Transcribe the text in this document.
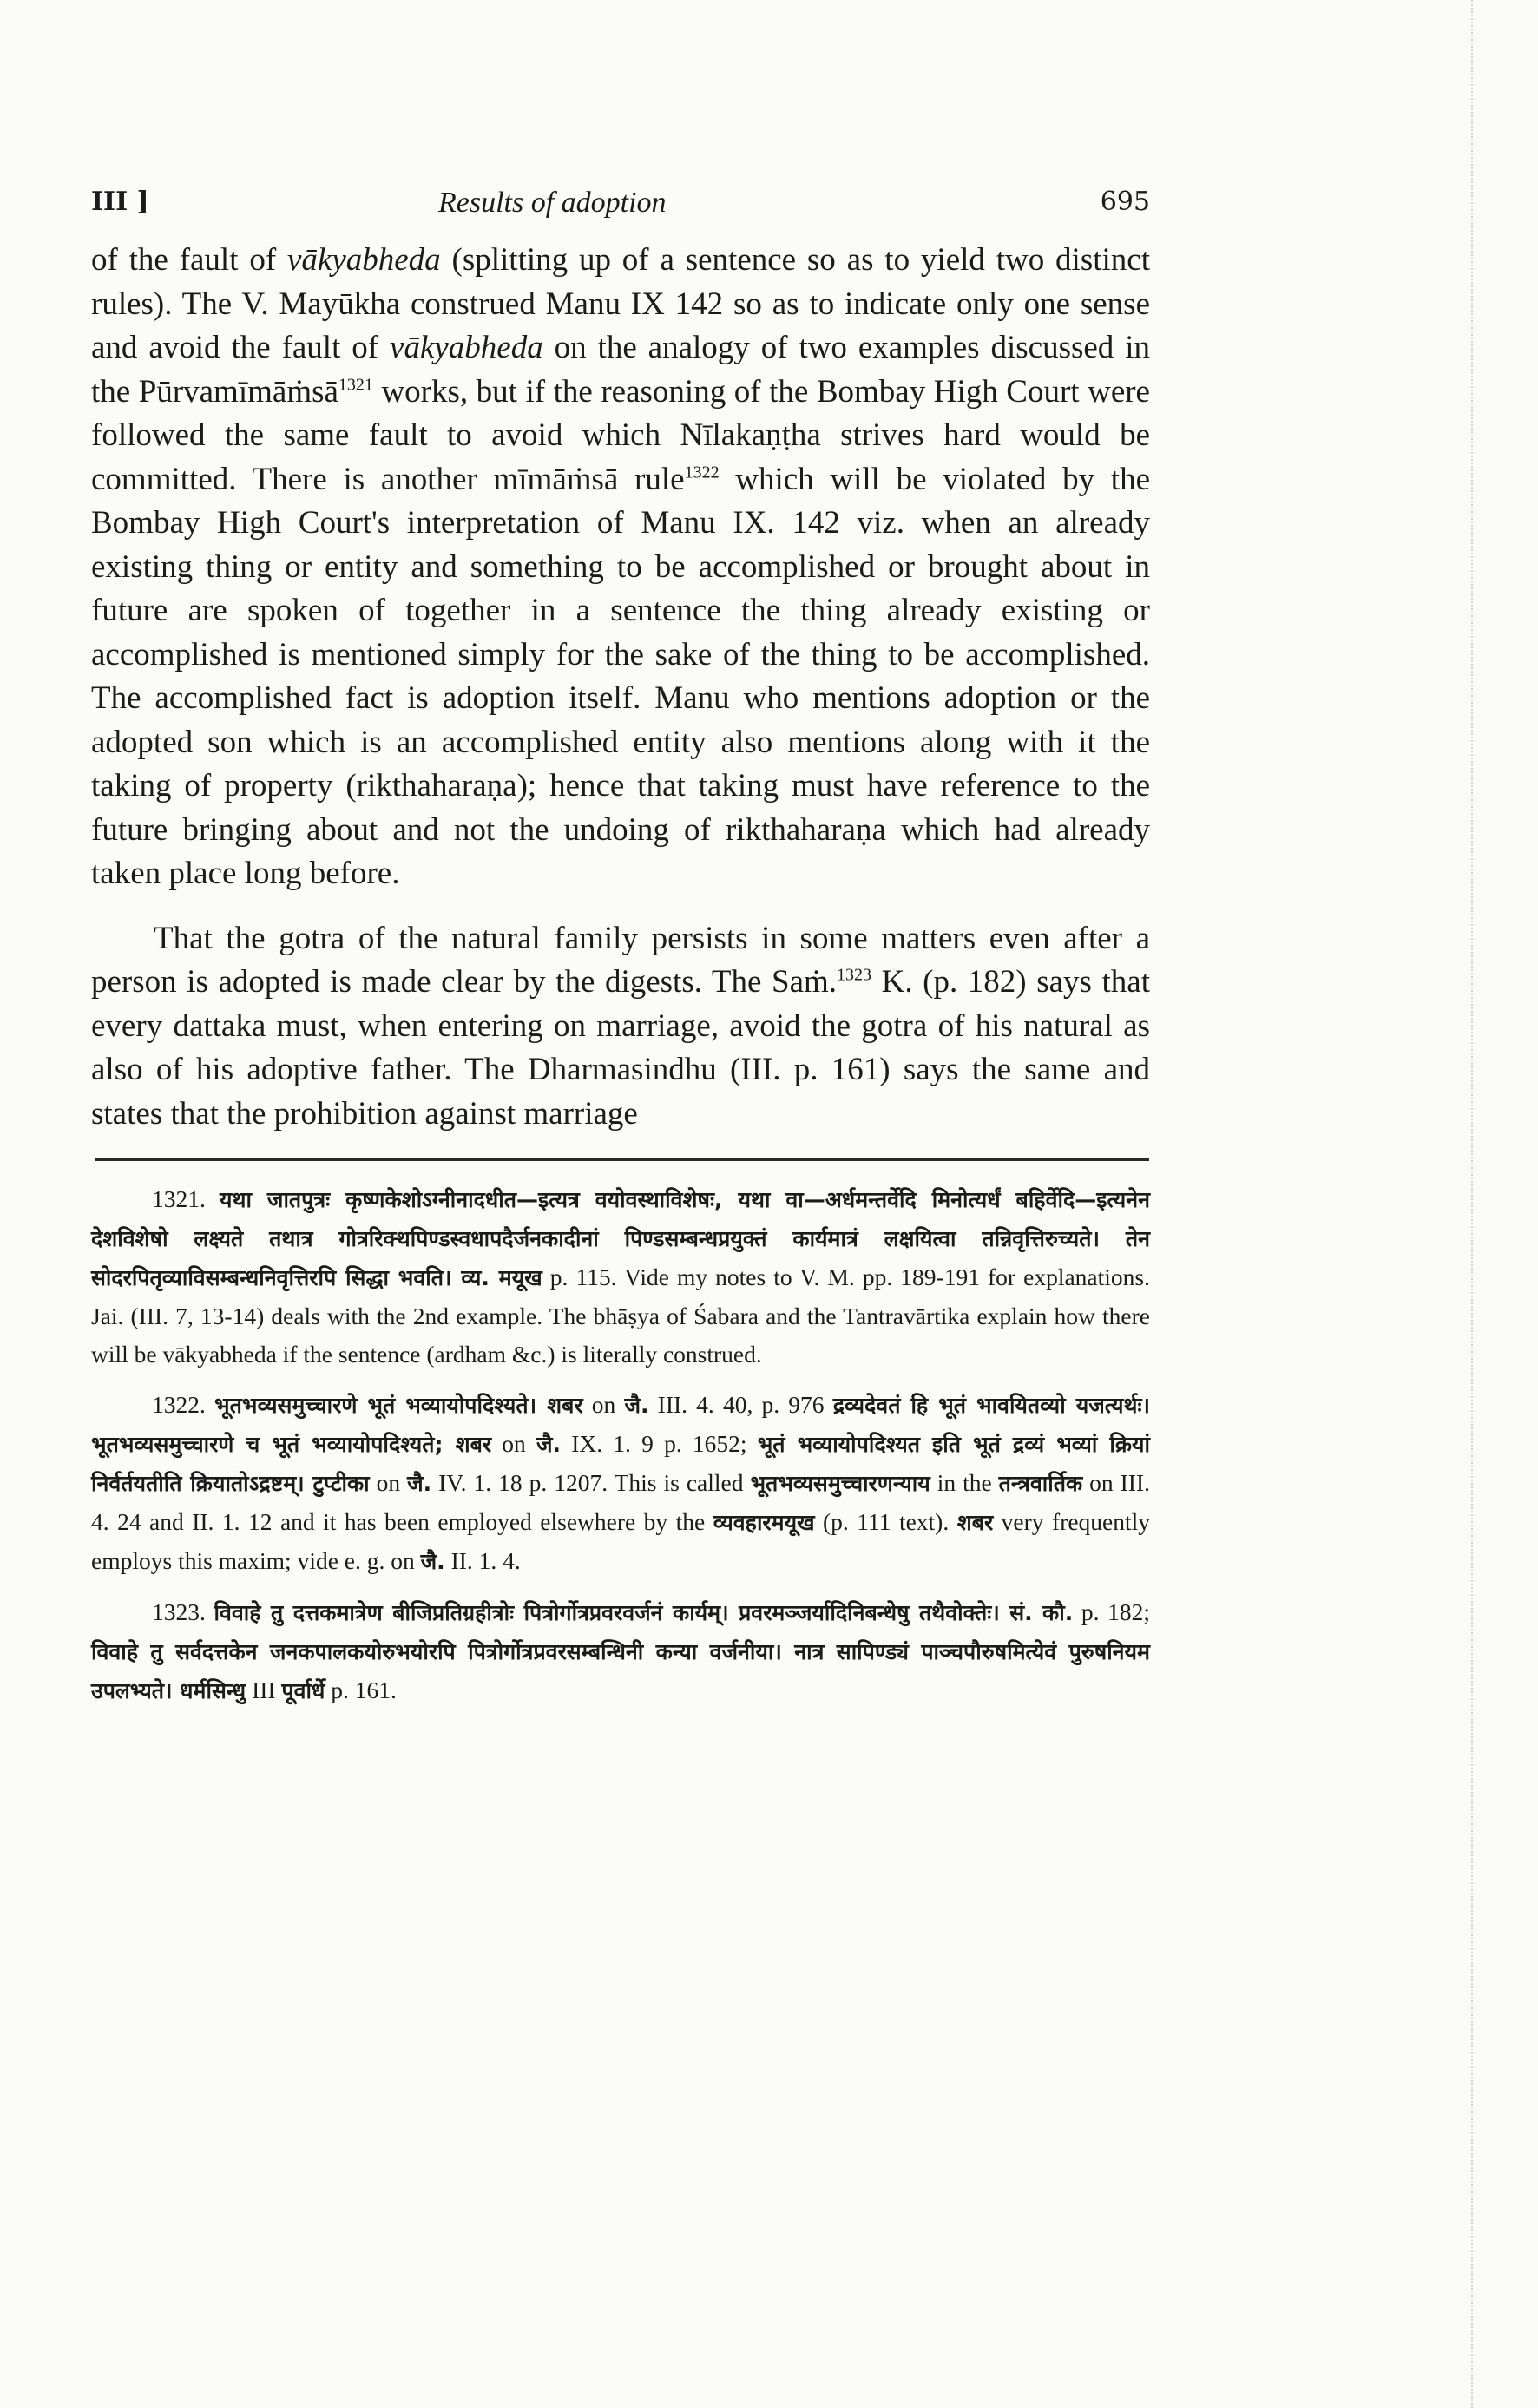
III ]	Results of adoption	695

of the fault of vākyabheda (splitting up of a sentence so as to yield two distinct rules). The V. Mayūkha construed Manu IX 142 so as to indicate only one sense and avoid the fault of vākyabheda on the analogy of two examples discussed in the Pūrvamīmāṁsā$^{1321}$ works, but if the reasoning of the Bombay High Court were followed the same fault to avoid which Nīlakaṇṭha strives hard would be committed. There is another mīmāṁsā rule$^{1322}$ which will be violated by the Bombay High Court's interpretation of Manu IX. 142 viz. when an already existing thing or entity and something to be accomplished or brought about in future are spoken of together in a sentence the thing already existing or accomplished is mentioned simply for the sake of the thing to be accomplished. The accomplished fact is adoption itself. Manu who mentions adoption or the adopted son which is an accomplished entity also mentions along with it the taking of property (rikthaharaṇa); hence that taking must have reference to the future bringing about and not the undoing of rikthaharaṇa which had already taken place long before.

That the gotra of the natural family persists in some matters even after a person is adopted is made clear by the digests. The Saṁ.$^{1323}$ K. (p. 182) says that every dattaka must, when entering on marriage, avoid the gotra of his natural as also of his adoptive father. The Dharmasindhu (III. p. 161) says the same and states that the prohibition against marriage

1321. यथा जातपुत्रः कृष्णकेशोऽग्नीनादधीत—इत्यत्र वयोवस्थाविशेषः, यथा वा—अर्धमन्तर्वेदि मिनोत्यर्धं बहिर्वेदि—इत्यनेन देशविशेषो लक्ष्यते तथात्र गोत्ररिक्थपिण्डस्वधापदैर्जनकादीनां पिण्डसम्बन्धप्रयुक्तं कार्यमात्रं लक्षयित्वा तन्निवृत्तिरुच्यते। तेन सोदरपितृव्याविसम्बन्धनिवृत्तिरपि सिद्धा भवति। व्य. मयूख p. 115. Vide my notes to V. M. pp. 189-191 for explanations. Jai. (III. 7, 13-14) deals with the 2nd example. The bhāṣya of Śabara and the Tantravārtika explain how there will be vākyabheda if the sentence (ardham &c.) is literally construed.

1322. भूतभव्यसमुच्चारणे भूतं भव्यायोपदिश्यते। शबर on जै. III. 4. 40, p. 976 द्रव्यदेवतं हि भूतं भावयितव्यो यजत्यर्थः। भूतभव्यसमुच्चारणे च भूतं भव्यायोपदिश्यते; शबर on जै. IX. 1. 9 p. 1652; भूतं भव्यायोपदिश्यत इति भूतं द्रव्यं भव्यां क्रियां निर्वर्तयतीति क्रियातोऽद्रष्टम्। टुप्टीका on जै. IV. 1. 18 p. 1207. This is called भूतभव्यसमुच्चारणन्याय in the तन्त्रवार्तिक on III. 4. 24 and II. 1. 12 and it has been employed elsewhere by the व्यवहारमयूख (p. 111 text). शबर very frequently employs this maxim; vide e. g. on जै. II. 1. 4.

1323. विवाहे तु दत्तकमात्रेण बीजिप्रतिग्रहीत्रोः पित्रोर्गोत्रप्रवरवर्जनं कार्यम्। प्रवरमञ्जर्यादिनिबन्धेषु तथैवोक्तेः। सं. कौ. p. 182; विवाहे तु सर्वदत्तकेन जनकपालकयोरुभयोरपि पित्रोर्गोत्रप्रवरसम्बन्धिनी कन्या वर्जनीया। नात्र सापिण्ड्यं पाञ्चपौरुषमित्येवं पुरुषनियम उपलभ्यते। धर्मसिन्धु III पूर्वार्धे p. 161.
